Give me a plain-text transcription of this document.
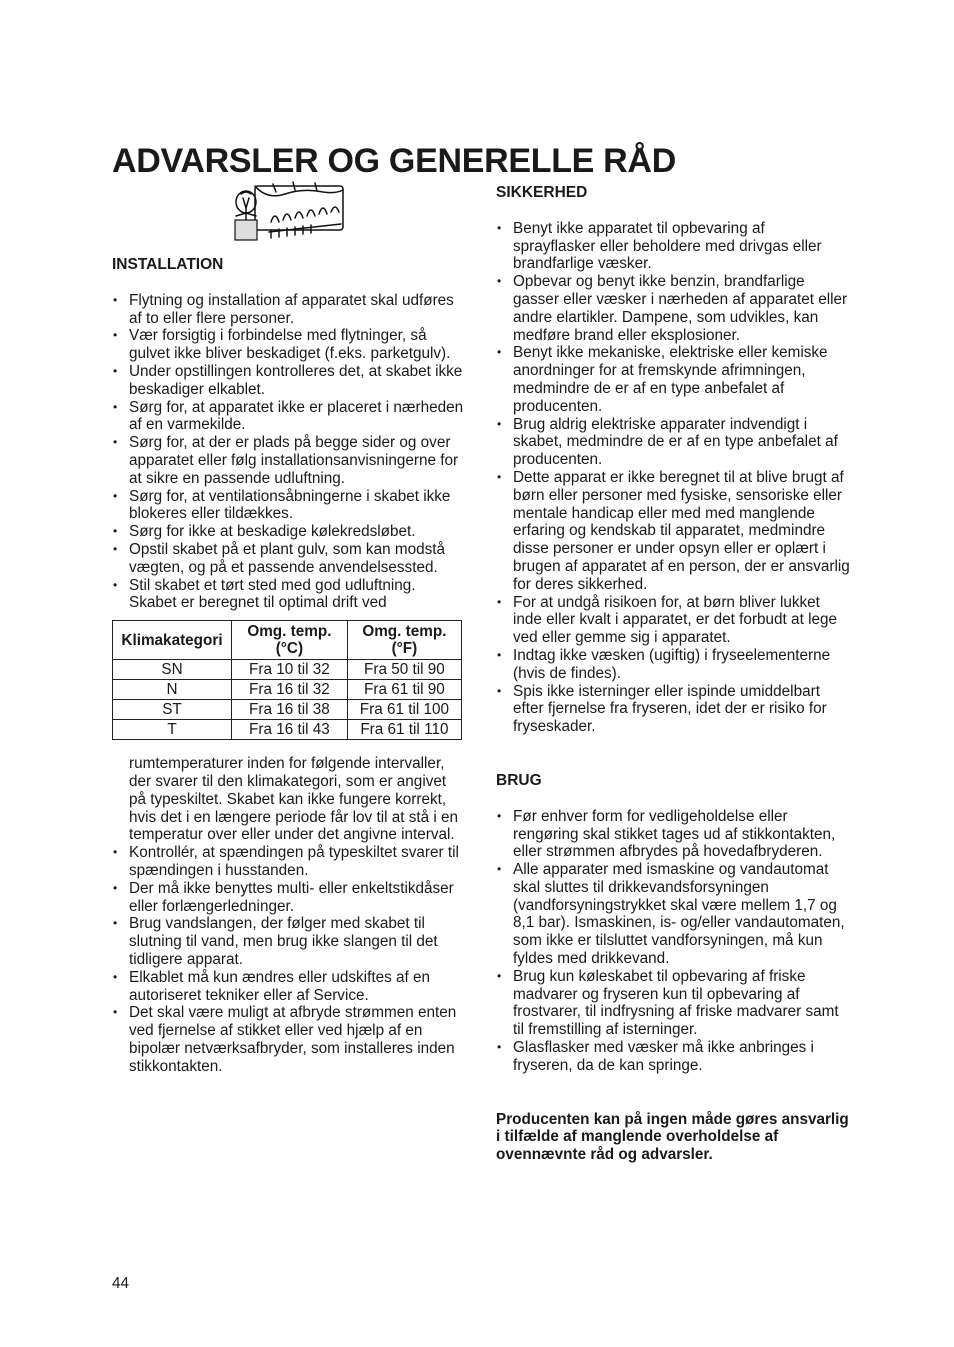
ADVARSLER OG GENERELLE RÅD
INSTALLATION
• Flytning og installation af apparatet skal udføres af to eller flere personer.
• Vær forsigtig i forbindelse med flytninger, så gulvet ikke bliver beskadiget (f.eks. parketgulv).
• Under opstillingen kontrolleres det, at skabet ikke beskadiger elkablet.
• Sørg for, at apparatet ikke er placeret i nærheden af en varmekilde.
• Sørg for, at der er plads på begge sider og over apparatet eller følg installationsanvisningerne for at sikre en passende udluftning.
• Sørg for, at ventilationsåbningerne i skabet ikke blokeres eller tildækkes.
• Sørg for ikke at beskadige kølekredsløbet.
• Opstil skabet på et plant gulv, som kan modstå vægten, og på et passende anvendelsessted.
• Stil skabet et tørt sted med god udluftning. Skabet er beregnet til optimal drift ved
Klimakategori	Omg. temp. (°C)	Omg. temp. (°F)
SN	Fra 10 til 32	Fra 50 til 90
N	Fra 16 til 32	Fra 61 til 90
ST	Fra 16 til 38	Fra 61 til 100
T	Fra 16 til 43	Fra 61 til 110
rumtemperaturer inden for følgende intervaller, der svarer til den klimakategori, som er angivet på typeskiltet. Skabet kan ikke fungere korrekt, hvis det i en længere periode får lov til at stå i en temperatur over eller under det angivne interval.
• Kontrollér, at spændingen på typeskiltet svarer til spændingen i husstanden.
• Der må ikke benyttes multi- eller enkeltstikdåser eller forlængerledninger.
• Brug vandslangen, der følger med skabet til slutning til vand, men brug ikke slangen til det tidligere apparat.
• Elkablet må kun ændres eller udskiftes af en autoriseret tekniker eller af Service.
• Det skal være muligt at afbryde strømmen enten ved fjernelse af stikket eller ved hjælp af en bipolær netværksafbryder, som installeres inden stikkontakten.
SIKKERHED
• Benyt ikke apparatet til opbevaring af sprayflasker eller beholdere med drivgas eller brandfarlige væsker.
• Opbevar og benyt ikke benzin, brandfarlige gasser eller væsker i nærheden af apparatet eller andre elartikler. Dampene, som udvikles, kan medføre brand eller eksplosioner.
• Benyt ikke mekaniske, elektriske eller kemiske anordninger for at fremskynde afrimningen, medmindre de er af en type anbefalet af producenten.
• Brug aldrig elektriske apparater indvendigt i skabet, medmindre de er af en type anbefalet af producenten.
• Dette apparat er ikke beregnet til at blive brugt af børn eller personer med fysiske, sensoriske eller mentale handicap eller med med manglende erfaring og kendskab til apparatet, medmindre disse personer er under opsyn eller er oplært i brugen af apparatet af en person, der er ansvarlig for deres sikkerhed.
• For at undgå risikoen for, at børn bliver lukket inde eller kvalt i apparatet, er det forbudt at lege ved eller gemme sig i apparatet.
• Indtag ikke væsken (ugiftig) i fryseelementerne (hvis de findes).
• Spis ikke isterninger eller ispinde umiddelbart efter fjernelse fra fryseren, idet der er risiko for fryseskader.
BRUG
• Før enhver form for vedligeholdelse eller rengøring skal stikket tages ud af stikkontakten, eller strømmen afbrydes på hovedafbryderen.
• Alle apparater med ismaskine og vandautomat skal sluttes til drikkevandsforsyningen (vandforsyningstrykket skal være mellem 1,7 og 8,1 bar). Ismaskinen, is- og/eller vandautomaten, som ikke er tilsluttet vandforsyningen, må kun fyldes med drikkevand.
• Brug kun køleskabet til opbevaring af friske madvarer og fryseren kun til opbevaring af frostvarer, til indfrysning af friske madvarer samt til fremstilling af isterninger.
• Glasflasker med væsker må ikke anbringes i fryseren, da de kan springe.

Producenten kan på ingen måde gøres ansvarlig i tilfælde af manglende overholdelse af ovennævnte råd og advarsler.

44
